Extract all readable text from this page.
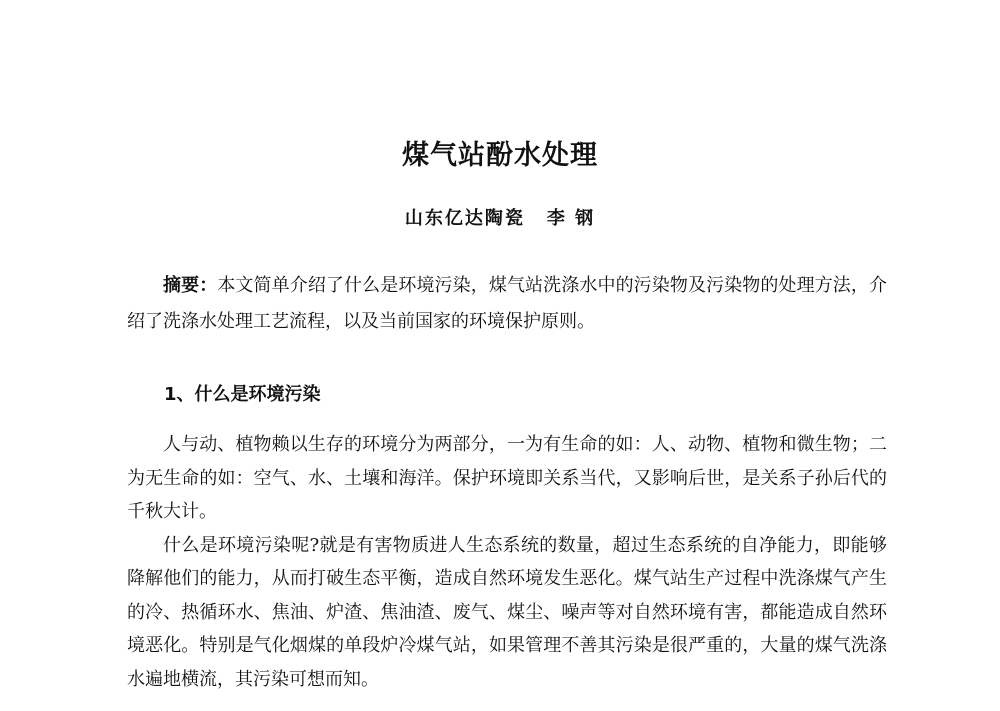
煤气站酚水处理
山东亿达陶瓷 李 钢
摘要：本文简单介绍了什么是环境污染，煤气站洗涤水中的污染物及污染物的处理方法，介绍了洗涤水处理工艺流程，以及当前国家的环境保护原则。
1、什么是环境污染

人与动、植物赖以生存的环境分为两部分，一为有生命的如：人、动物、植物和微生物；二为无生命的如：空气、水、土壤和海洋。保护环境即关系当代，又影响后世，是关系子孙后代的千秋大计。

什么是环境污染呢?就是有害物质进人生态系统的数量，超过生态系统的自净能力，即能够降解他们的能力，从而打破生态平衡，造成自然环境发生恶化。煤气站生产过程中洗涤煤气产生的冷、热循环水、焦油、炉渣、焦油渣、废气、煤尘、噪声等对自然环境有害，都能造成自然环境恶化。特别是气化烟煤的单段炉冷煤气站，如果管理不善其污染是很严重的，大量的煤气洗涤水遍地横流，其污染可想而知。
